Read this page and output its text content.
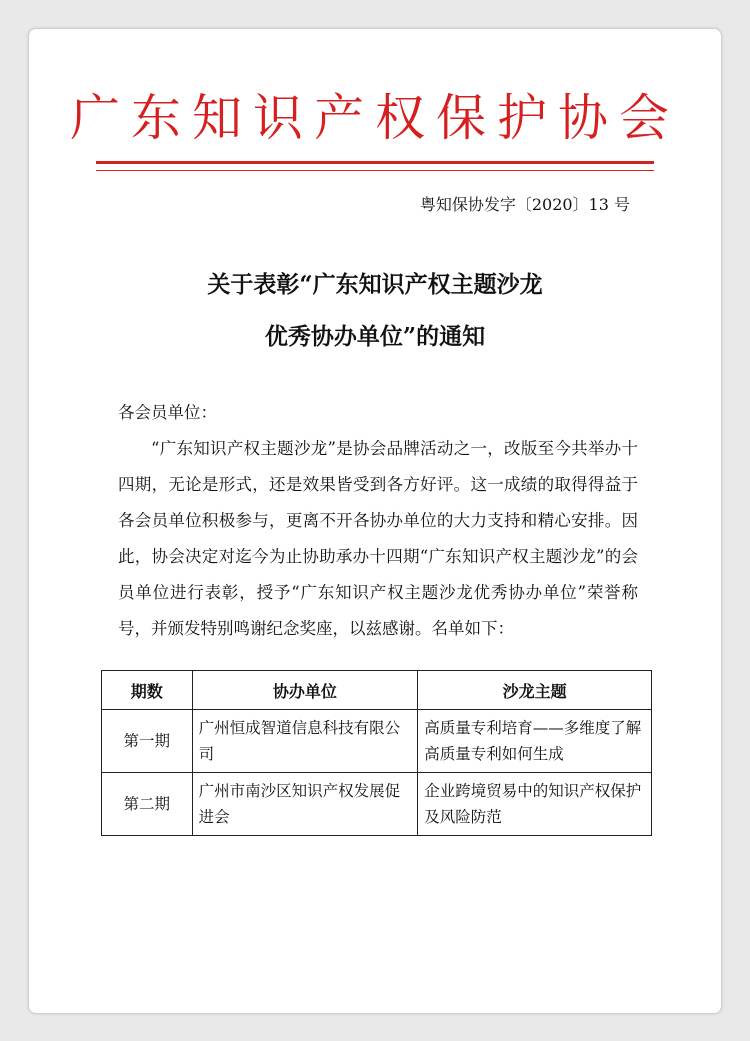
广东知识产权保护协会
粤知保协发字〔2020〕13 号
关于表彰“广东知识产权主题沙龙
优秀协办单位”的通知
各会员单位：
“广东知识产权主题沙龙”是协会品牌活动之一，改版至今共举办十四期，无论是形式，还是效果皆受到各方好评。这一成绩的取得得益于各会员单位积极参与，更离不开各协办单位的大力支持和精心安排。因此，协会决定对迄今为止协助承办十四期“广东知识产权主题沙龙”的会员单位进行表彰，授予“广东知识产权主题沙龙优秀协办单位”荣誉称号，并颁发特别鸣谢纪念奖座，以兹感谢。名单如下：
期数	协办单位	沙龙主题
第一期	广州恒成智道信息科技有限公司	高质量专利培育——多维度了解高质量专利如何生成
第二期	广州市南沙区知识产权发展促进会	企业跨境贸易中的知识产权保护及风险防范
